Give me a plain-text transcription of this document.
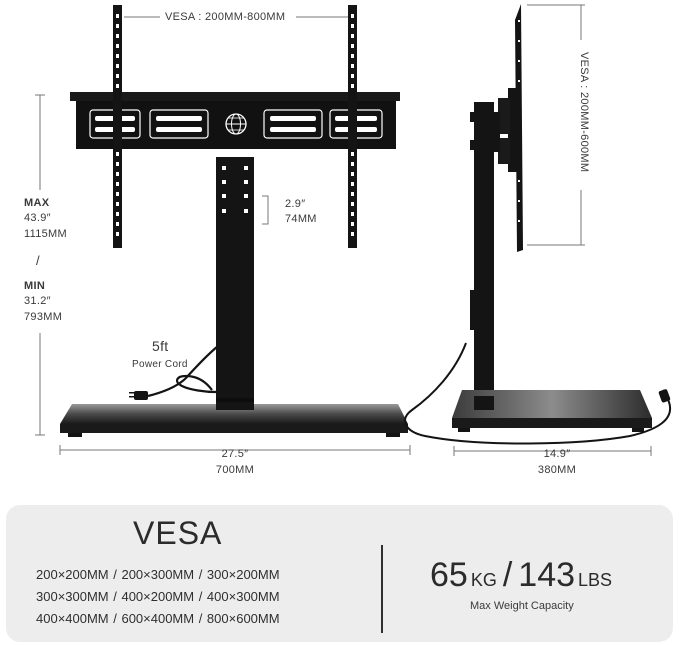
VESA : 200MM-800MM
MAX
43.9″
1115MM
/
MIN
31.2″
793MM
2.9″
74MM
5ft
Power Cord
27.5″
700MM
VESA : 200MM-600MM
14.9″
380MM
VESA
200×200MM / 200×300MM / 300×200MM
300×300MM / 400×200MM / 400×300MM
400×400MM / 600×400MM / 800×600MM
65 KG / 143 LBS
Max Weight Capacity
